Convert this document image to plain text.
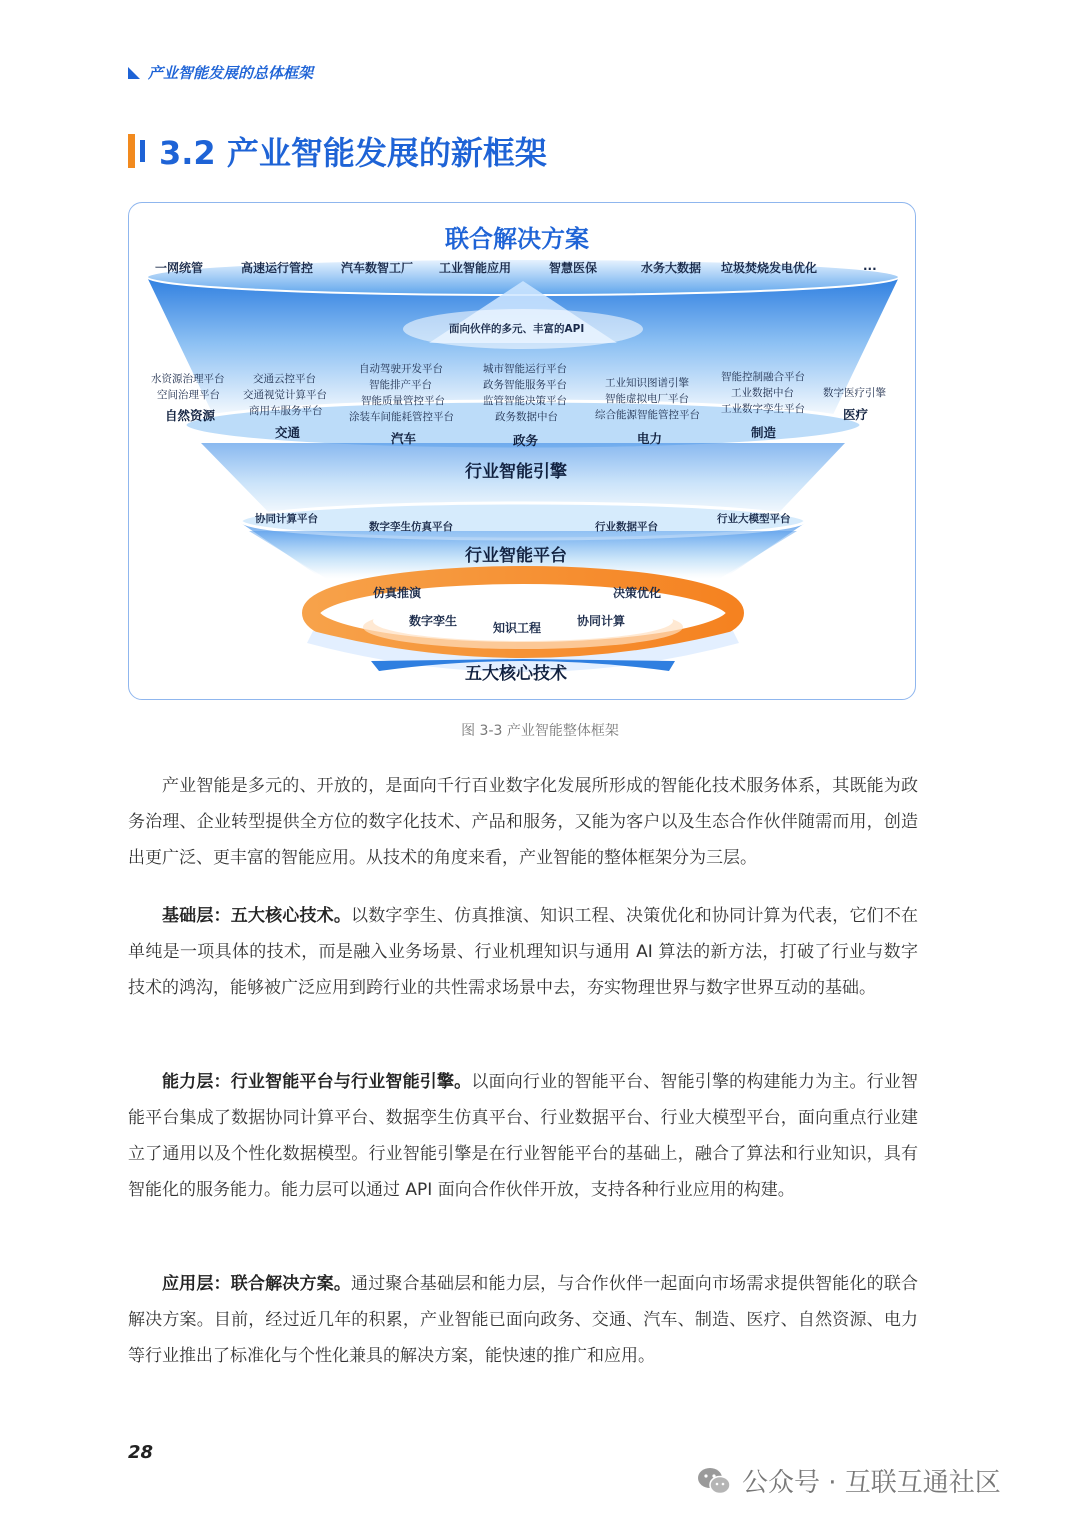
产业智能发展的总体框架
3.2 产业智能发展的新框架
联合解决方案
一网统管	高速运行管控 汽车数智工厂 工业智能应用	智慧医保	水务大数据 垃圾焚烧发电优化	...
面向伙伴的多元、丰富的API
水资源治理平台
空间治理平台
自然资源
交通云控平台
交通视觉计算平台
商用车服务平台
交通
自动驾驶开发平台
智能排产平台
智能质量管控平台
涂装车间能耗管控平台
汽车
城市智能运行平台
政务智能服务平台
监管智能决策平台
政务数据中台
政务
工业知识图谱引擎
智能虚拟电厂平台
综合能源智能管控平台
电力
智能控制融合平台
工业数据中台
工业数字孪生平台
制造
数字医疗引擎
医疗
行业智能引擎
协同计算平台
数字孪生仿真平台	行业数据平台
行业大模型平台
行业智能平台
仿真推演	决策优化
数字孪生	知识工程	协同计算
五大核心技术
图 3-3 产业智能整体框架
产业智能是多元的、开放的，是面向千行百业数字化发展所形成的智能化技术服务体系，其既能为政务治理、企业转型提供全方位的数字化技术、产品和服务，又能为客户以及生态合作伙伴随需而用，创造出更广泛、更丰富的智能应用。从技术的角度来看，产业智能的整体框架分为三层。
基础层：五大核心技术。以数字孪生、仿真推演、知识工程、决策优化和协同计算为代表，它们不在单纯是一项具体的技术，而是融入业务场景、行业机理知识与通用 AI 算法的新方法，打破了行业与数字技术的鸿沟，能够被广泛应用到跨行业的共性需求场景中去，夯实物理世界与数字世界互动的基础。
能力层：行业智能平台与行业智能引擎。以面向行业的智能平台、智能引擎的构建能力为主。行业智能平台集成了数据协同计算平台、数据孪生仿真平台、行业数据平台、行业大模型平台，面向重点行业建立了通用以及个性化数据模型。行业智能引擎是在行业智能平台的基础上，融合了算法和行业知识，具有智能化的服务能力。能力层可以通过 API 面向合作伙伴开放，支持各种行业应用的构建。
应用层：联合解决方案。通过聚合基础层和能力层，与合作伙伴一起面向市场需求提供智能化的联合解决方案。目前，经过近几年的积累，产业智能已面向政务、交通、汽车、制造、医疗、自然资源、电力等行业推出了标准化与个性化兼具的解决方案，能快速的推广和应用。
28
公众号 · 互联互通社区
